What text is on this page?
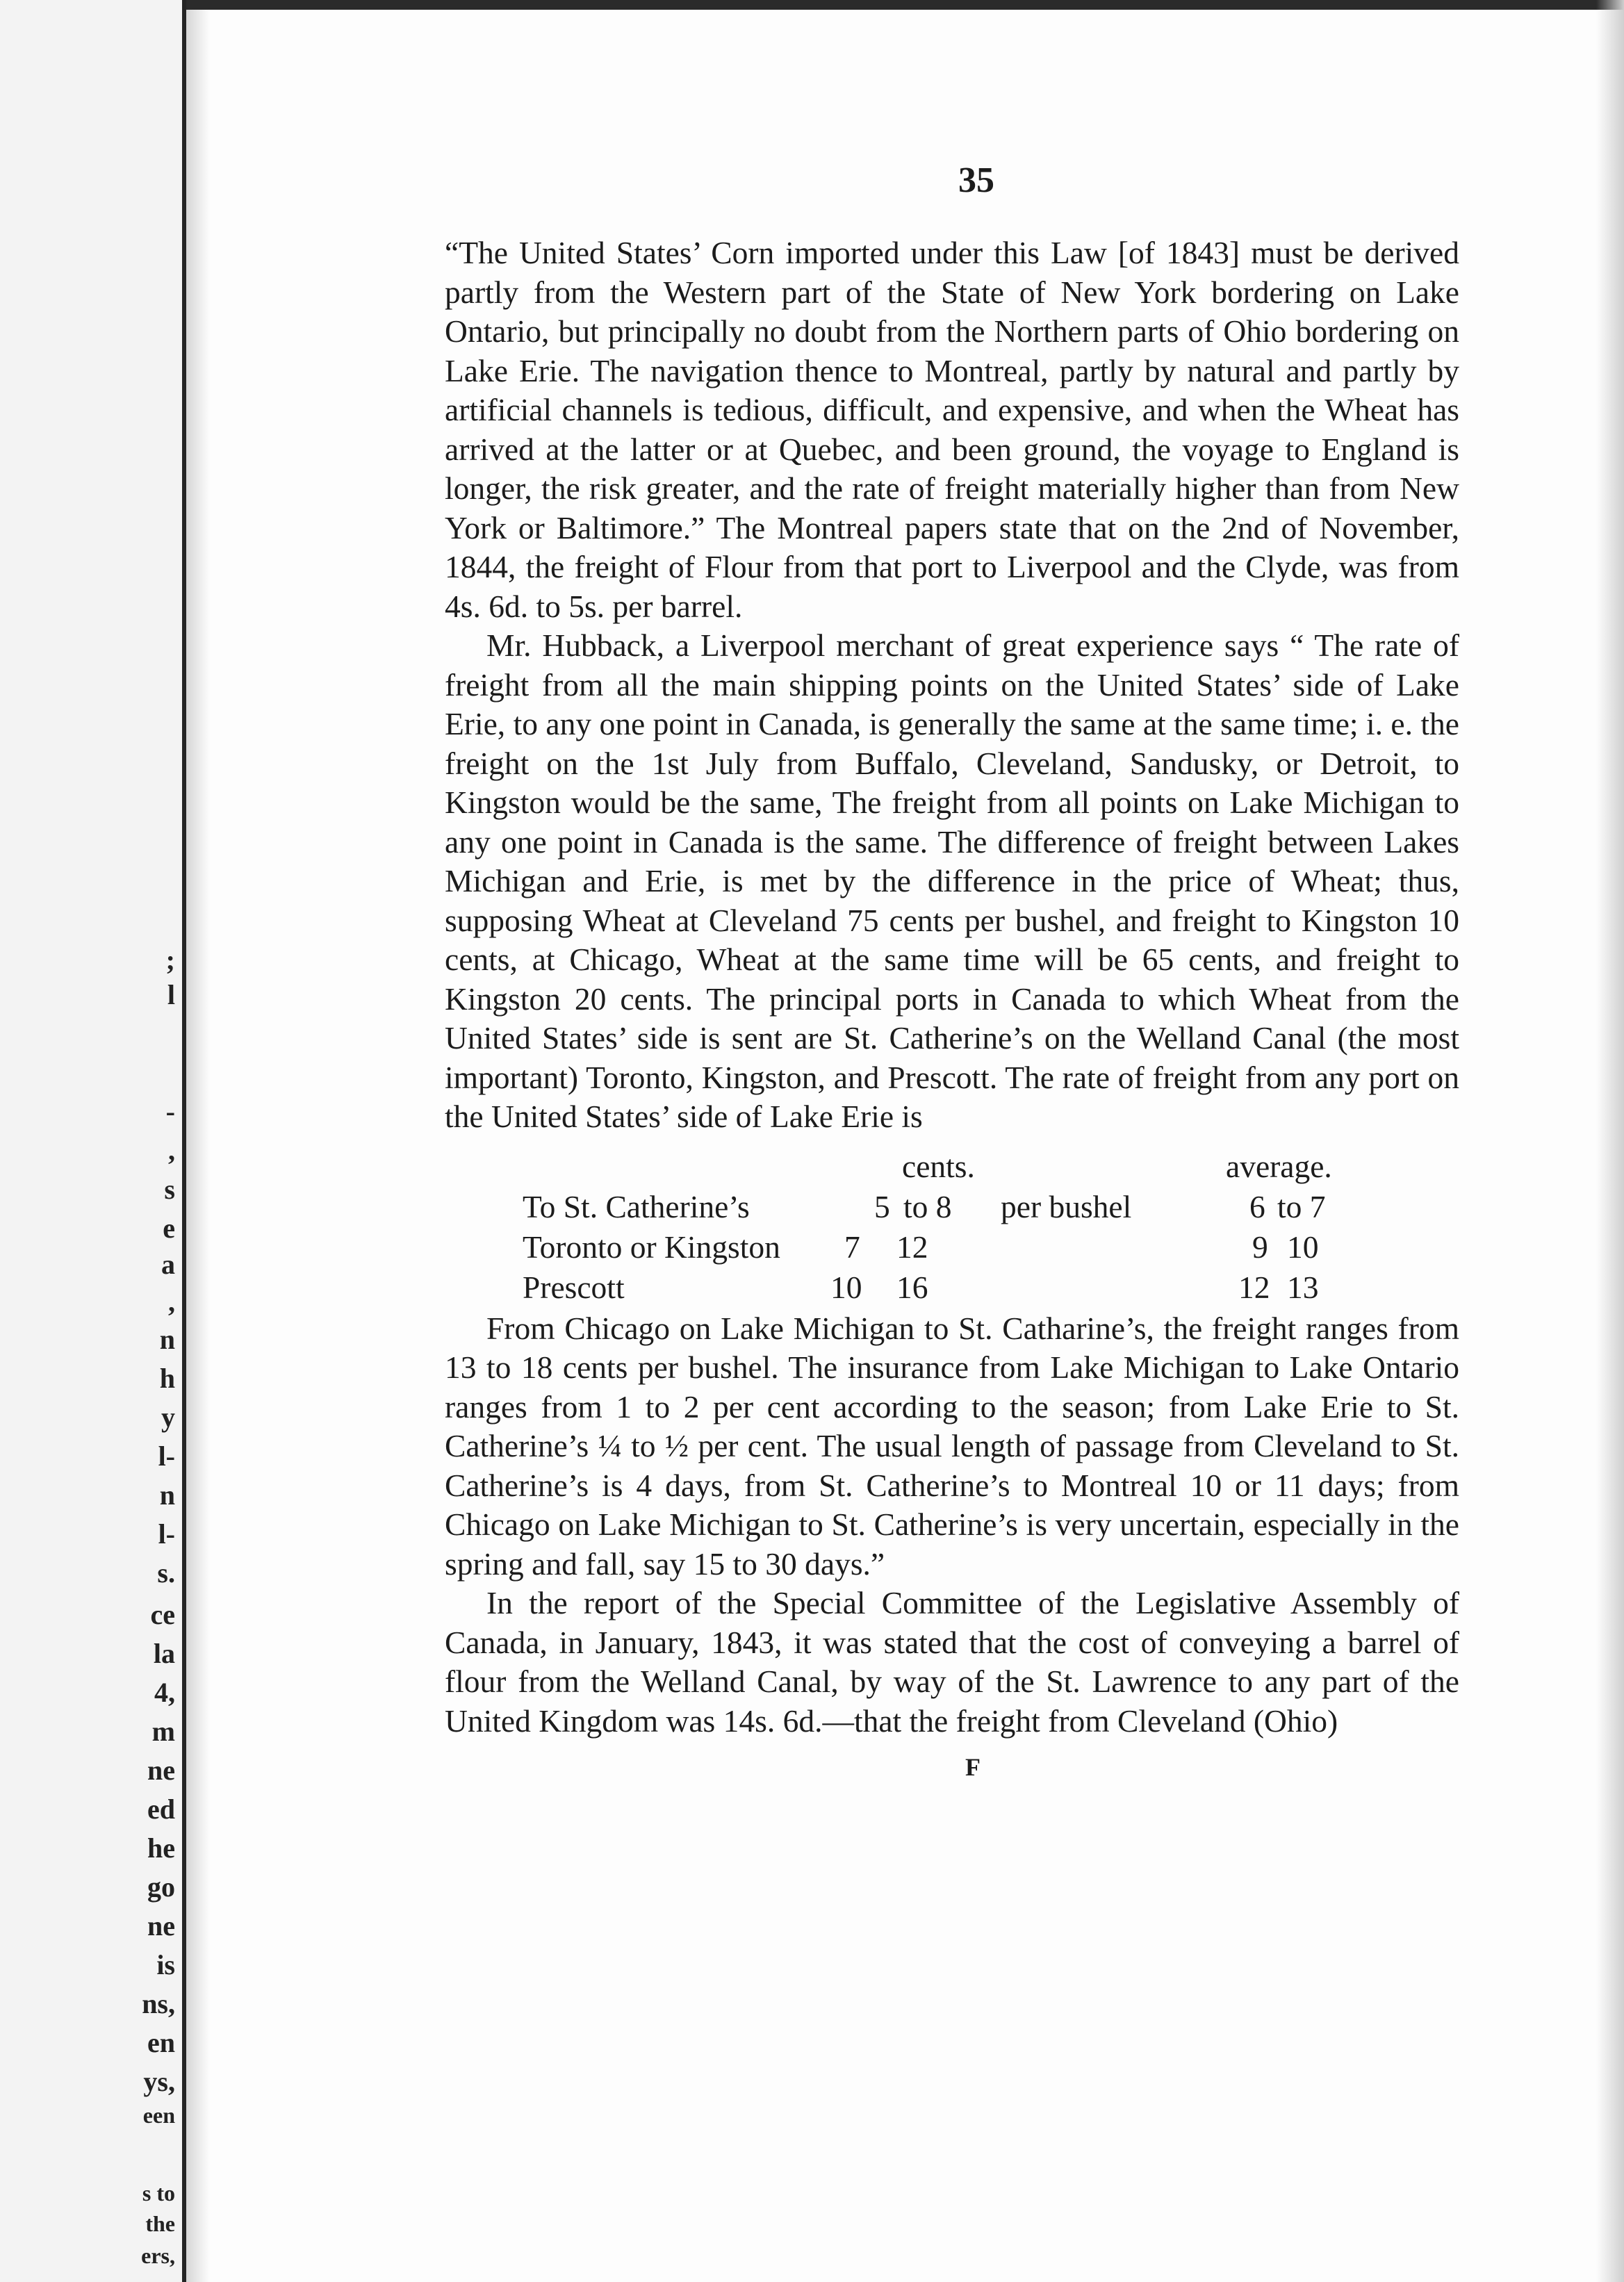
;
l
-
,
s
e
a
,
n
h
y
l-
n
l-
s.
ce
la
4,
m
ne
ed
he
go
ne
is
ns,
en
ys,
een
s to
the
ers,
35

“The United States’ Corn imported under this Law [of 1843] must be derived partly from the Western part of the State of New York bordering on Lake Ontario, but principally no doubt from the Northern parts of Ohio bordering on Lake Erie. The navigation thence to Montreal, partly by natural and partly by artificial channels is tedious, difficult, and expensive, and when the Wheat has arrived at the latter or at Quebec, and been ground, the voyage to England is longer, the risk greater, and the rate of freight materially higher than from New York or Baltimore.” The Montreal papers state that on the 2nd of November, 1844, the freight of Flour from that port to Liverpool and the Clyde, was from 4s. 6d. to 5s. per barrel.

Mr. Hubback, a Liverpool merchant of great experience says “ The rate of freight from all the main shipping points on the United States’ side of Lake Erie, to any one point in Canada, is generally the same at the same time; i. e. the freight on the 1st July from Buffalo, Cleveland, Sandusky, or Detroit, to Kingston would be the same, The freight from all points on Lake Michigan to any one point in Canada is the same. The difference of freight between Lakes Michigan and Erie, is met by the difference in the price of Wheat; thus, supposing Wheat at Cleveland 75 cents per bushel, and freight to Kingston 10 cents, at Chicago, Wheat at the same time will be 65 cents, and freight to Kingston 20 cents. The principal ports in Canada to which Wheat from the United States’ side is sent are St. Catherine’s on the Welland Canal (the most important) Toronto, Kingston, and Prescott. The rate of freight from any port on the United States’ side of Lake Erie is

cents.	average.
To St. Catherine’s	5 to 8 per bushel	6 to 7
Toronto or Kingston 7 12	9 10
Prescott	10 16	12 13

From Chicago on Lake Michigan to St. Catharine’s, the freight ranges from 13 to 18 cents per bushel. The insurance from Lake Michigan to Lake Ontario ranges from 1 to 2 per cent according to the season; from Lake Erie to St. Catherine’s ¼ to ½ per cent. The usual length of passage from Cleveland to St. Catherine’s is 4 days, from St. Catherine’s to Montreal 10 or 11 days; from Chicago on Lake Michigan to St. Catherine’s is very uncertain, especially in the spring and fall, say 15 to 30 days.”

In the report of the Special Committee of the Legislative Assembly of Canada, in January, 1843, it was stated that the cost of conveying a barrel of flour from the Welland Canal, by way of the St. Lawrence to any part of the United Kingdom was 14s. 6d.—that the freight from Cleveland (Ohio)

F
